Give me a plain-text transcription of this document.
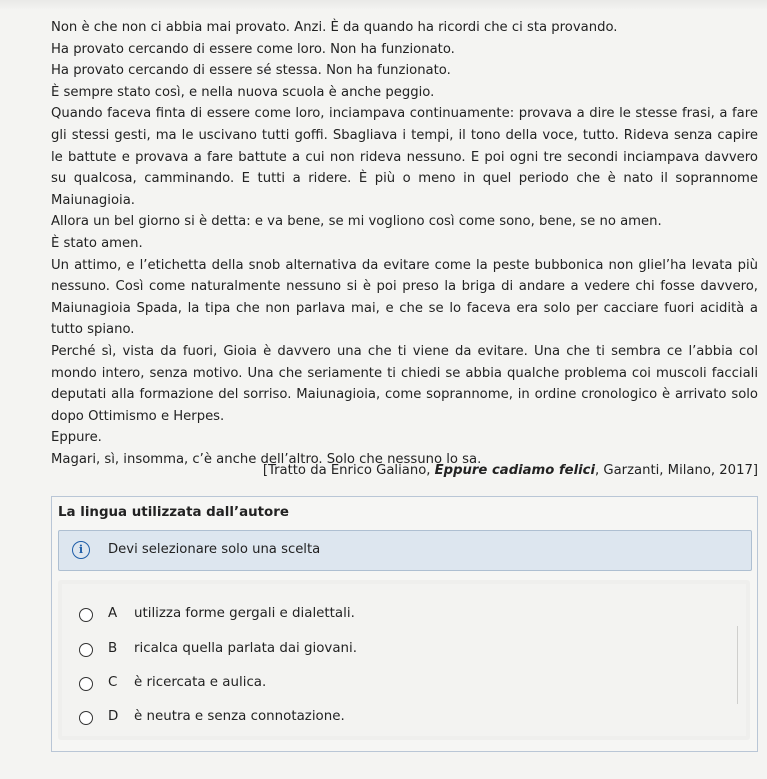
Non è che non ci abbia mai provato. Anzi. È da quando ha ricordi che ci sta provando.

Ha provato cercando di essere come loro. Non ha funzionato.

Ha provato cercando di essere sé stessa. Non ha funzionato.

È sempre stato così, e nella nuova scuola è anche peggio.

Quando faceva finta di essere come loro, inciampava continuamente: provava a dire le stesse frasi, a fare gli stessi gesti, ma le uscivano tutti goffi. Sbagliava i tempi, il tono della voce, tutto. Rideva senza capire le battute e provava a fare battute a cui non rideva nessuno. E poi ogni tre secondi inciampava davvero su qualcosa, camminando. E tutti a ridere. È più o meno in quel periodo che è nato il soprannome Maiunagioia.

Allora un bel giorno si è detta: e va bene, se mi vogliono così come sono, bene, se no amen.

È stato amen.

Un attimo, e l’etichetta della snob alternativa da evitare come la peste bubbonica non gliel’ha levata più nessuno. Così come naturalmente nessuno si è poi preso la briga di andare a vedere chi fosse davvero, Maiunagioia Spada, la tipa che non parlava mai, e che se lo faceva era solo per cacciare fuori acidità a tutto spiano.

Perché sì, vista da fuori, Gioia è davvero una che ti viene da evitare. Una che ti sembra ce l’abbia col mondo intero, senza motivo. Una che seriamente ti chiedi se abbia qualche problema coi muscoli facciali deputati alla formazione del sorriso. Maiunagioia, come soprannome, in ordine cronologico è arrivato solo dopo Ottimismo e Herpes.

Eppure.

Magari, sì, insomma, c’è anche dell’altro. Solo che nessuno lo sa.

[Tratto da Enrico Galiano, Eppure cadiamo felici, Garzanti, Milano, 2017]
La lingua utilizzata dall’autore
i	Devi selezionare solo una scelta
A utilizza forme gergali e dialettali.
B ricalca quella parlata dai giovani.
C è ricercata e aulica.
D è neutra e senza connotazione.
